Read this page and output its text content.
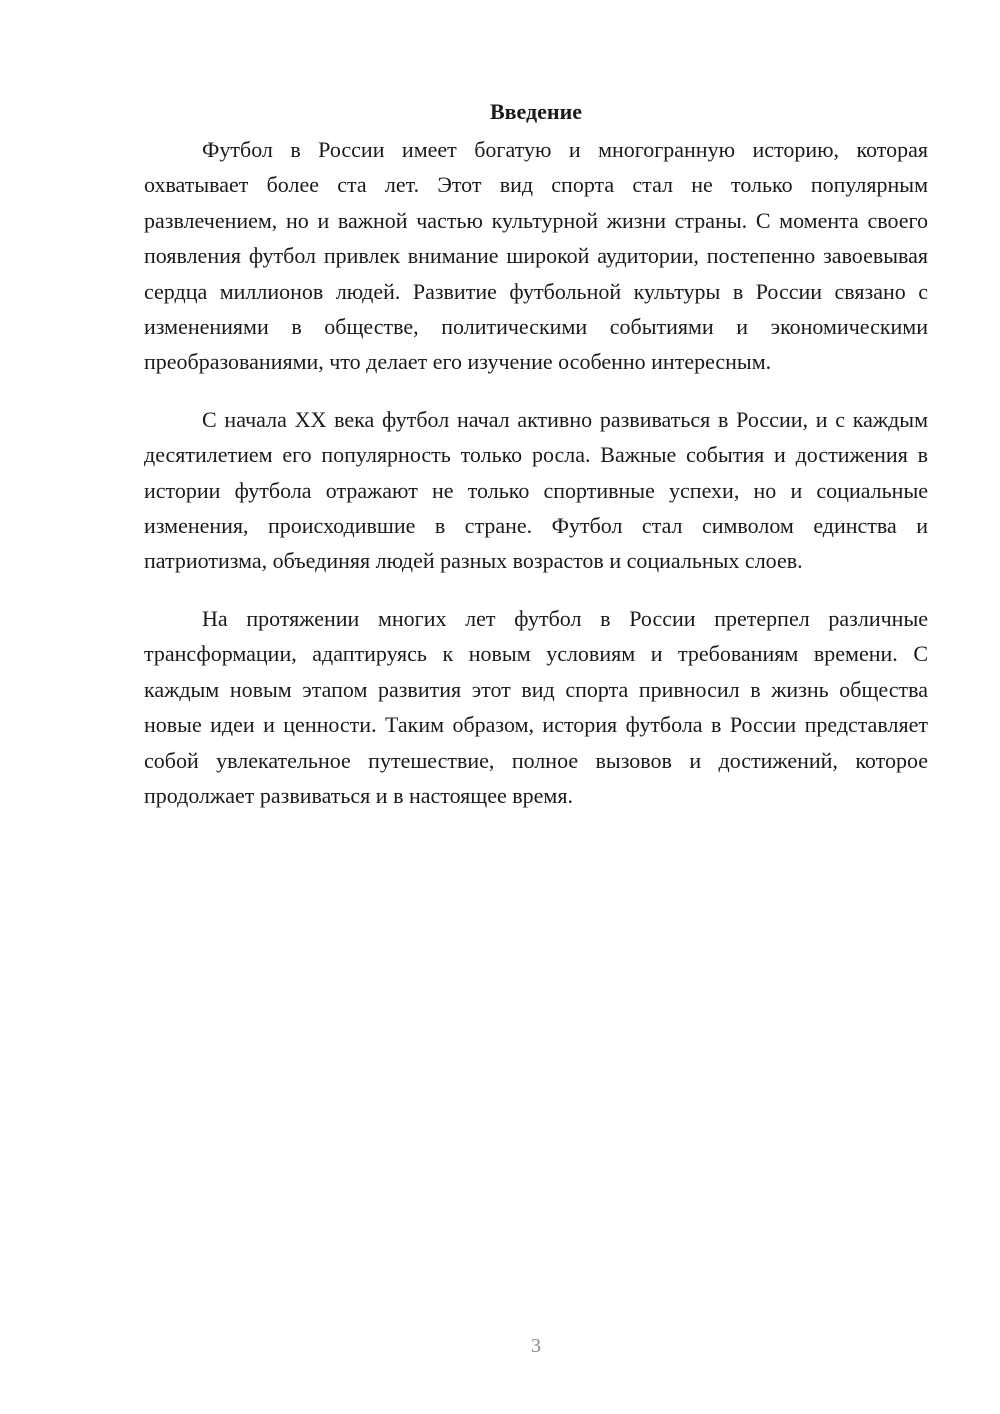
Введение

Футбол в России имеет богатую и многогранную историю, которая охватывает более ста лет. Этот вид спорта стал не только популярным развлечением, но и важной частью культурной жизни страны. С момента своего появления футбол привлек внимание широкой аудитории, постепенно завоевывая сердца миллионов людей. Развитие футбольной культуры в России связано с изменениями в обществе, политическими событиями и экономическими преобразованиями, что делает его изучение особенно интересным.

С начала XX века футбол начал активно развиваться в России, и с каждым десятилетием его популярность только росла. Важные события и достижения в истории футбола отражают не только спортивные успехи, но и социальные изменения, происходившие в стране. Футбол стал символом единства и патриотизма, объединяя людей разных возрастов и социальных слоев.

На протяжении многих лет футбол в России претерпел различные трансформации, адаптируясь к новым условиям и требованиям времени. С каждым новым этапом развития этот вид спорта привносил в жизнь общества новые идеи и ценности. Таким образом, история футбола в России представляет собой увлекательное путешествие, полное вызовов и достижений, которое продолжает развиваться и в настоящее время.

3
